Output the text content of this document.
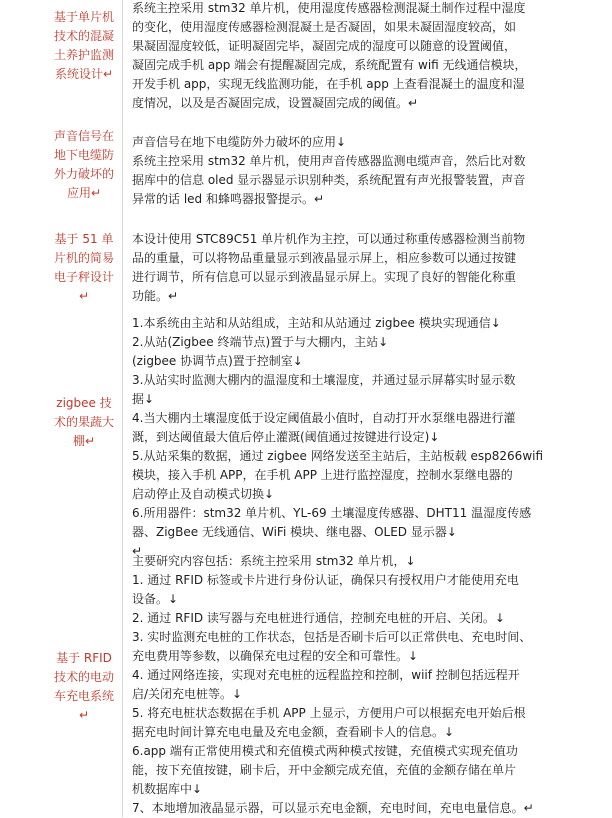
基于单片机技术的混凝土养护监测系统设计↵
系统主控采用 stm32 单片机，使用湿度传感器检测混凝土制作过程中湿度
的变化，使用湿度传感器检测混凝土是否凝固，如果未凝固湿度较高，如
果凝固湿度较低，证明凝固完毕，凝固完成的湿度可以随意的设置阈值，
凝固完成手机 app 端会有提醒凝固完成，系统配置有 wifi 无线通信模块，
开发手机 app，实现无线监测功能，在手机 app 上查看混凝土的温度和湿
度情况，以及是否凝固完成，设置凝固完成的阈值。↵
声音信号在地下电缆防外力破坏的应用↵
声音信号在地下电缆防外力破坏的应用↓
系统主控采用 stm32 单片机，使用声音传感器监测电缆声音，然后比对数
据库中的信息 oled 显示器显示识别种类，系统配置有声光报警装置，声音
异常的话 led 和蜂鸣器报警提示。↵
基于 51 单片机的简易电子秤设计↵
本设计使用 STC89C51 单片机作为主控，可以通过称重传感器检测当前物
品的重量，可以将物品重量显示到液晶显示屏上，相应参数可以通过按键
进行调节，所有信息可以显示到液晶显示屏上。实现了良好的智能化称重
功能。↵
zigbee 技术的果蔬大棚↵
1.本系统由主站和从站组成，主站和从站通过 zigbee 模块实现通信↓
2.从站(Zigbee 终端节点)置于与大棚内，主站↓
(zigbee 协调节点)置于控制室↓
3.从站实时监测大棚内的温湿度和土壤湿度，并通过显示屏幕实时显示数
据↓
4.当大棚内土壤湿度低于设定阈值最小值时，自动打开水泵继电器进行灌
溉，到达阈值最大值后停止灌溉(阈值通过按键进行设定)↓
5.从站采集的数据，通过 zigbee 网络发送至主站后，主站板载 esp8266wifi
模块，接入手机 APP，在手机 APP 上进行监控湿度，控制水泵继电器的
启动停止及自动模式切换↓
6.所用器件：stm32 单片机、YL-69 土壤湿度传感器、DHT11 温湿度传感
器、ZigBee 无线通信、WiFi 模块、继电器、OLED 显示器↓
↵
基于 RFID 技术的电动车充电系统↵
主要研究内容包括：系统主控采用 stm32 单片机，↓
1. 通过 RFID 标签或卡片进行身份认证，确保只有授权用户才能使用充电
设备。↓
2. 通过 RFID 读写器与充电桩进行通信，控制充电桩的开启、关闭。↓
3. 实时监测充电桩的工作状态，包括是否刷卡后可以正常供电、充电时间、
充电费用等参数，以确保充电过程的安全和可靠性。↓
4. 通过网络连接，实现对充电桩的远程监控和控制，wiif 控制包括远程开
启/关闭充电桩等。↓
5. 将充电桩状态数据在手机 APP 上显示，方便用户可以根据充电开始后根
据充电时间计算充电电量及充电金额，查看刷卡人的信息。↓
6.app 端有正常使用模式和充值模式两种模式按键，充值模式实现充值功
能，按下充值按键，刷卡后，开中金额完成充值，充值的金额存储在单片
机数据库中↓
7、本地增加液晶显示器，可以显示充电金额，充电时间，充电电量信息。↵
